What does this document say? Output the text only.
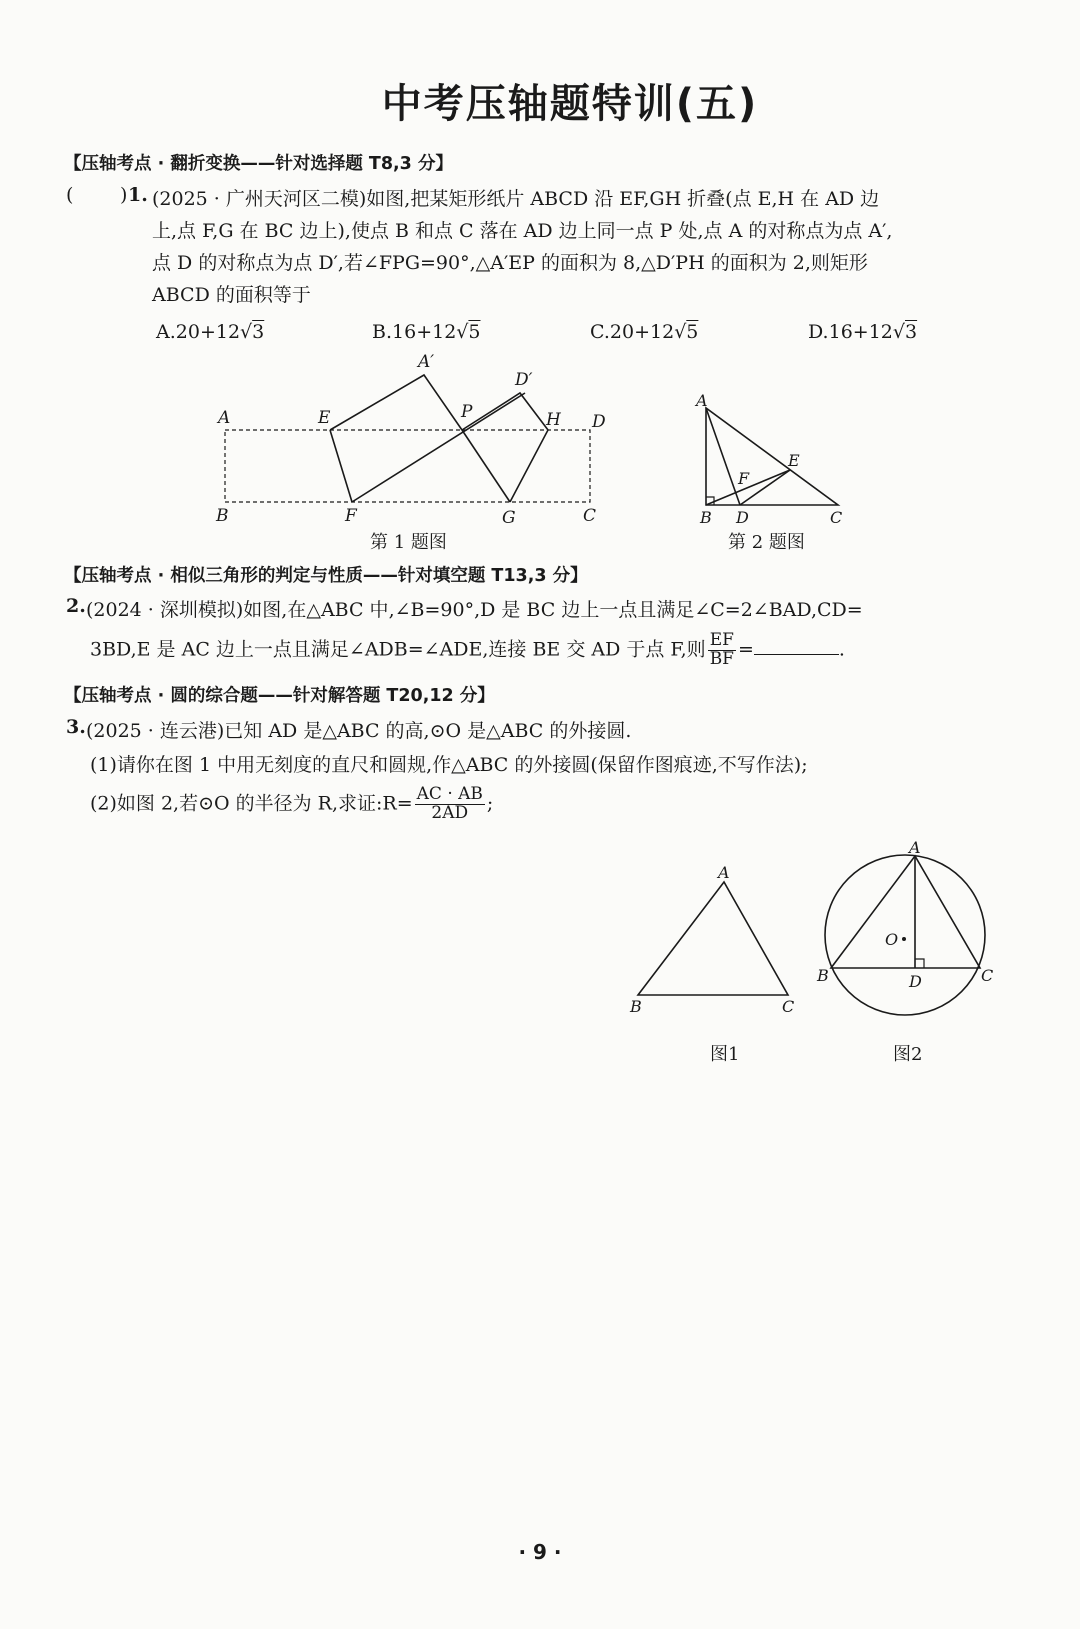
中考压轴题特训(五)
【压轴考点 · 翻折变换——针对选择题 T8,3 分】
( ) 1. (2025 · 广州天河区二模)如图,把某矩形纸片 ABCD 沿 EF,GH 折叠(点 E,H 在 AD 边
上,点 F,G 在 BC 边上),使点 B 和点 C 落在 AD 边上同一点 P 处,点 A 的对称点为点 A′,
点 D 的对称点为点 D′,若∠FPG=90°,△A′EP 的面积为 8,△D′PH 的面积为 2,则矩形
ABCD 的面积等于
A.20+12√3	B.16+12√5	C.20+12√5	D.16+12√3
A	E
A′
P
D′
H D
B	F	G	C
第 1 题图
A
E
F
B D	C
第 2 题图
【压轴考点 · 相似三角形的判定与性质——针对填空题 T13,3 分】
2. (2024 · 深圳模拟)如图,在△ABC 中,∠B=90°,D 是 BC 边上一点且满足∠C=2∠BAD,CD=
3BD,E 是 AC 边上一点且满足∠ADB=∠ADE,连接 BE 交 AD 于点 F,则 $\frac{EF}{BF}$ =	.
【压轴考点 · 圆的综合题——针对解答题 T20,12 分】
3. (2025 · 连云港)已知 AD 是△ABC 的高,⊙O 是△ABC 的外接圆.
(1)请你在图 1 中用无刻度的直尺和圆规,作△ABC 的外接圆(保留作图痕迹,不写作法);
(2)如图 2,若⊙O 的半径为 R,求证:R= $\frac{AC \cdot AB}{2AD}$ ;
A
B	C
图1
A
O
B	D	C
图2
· 9 ·
